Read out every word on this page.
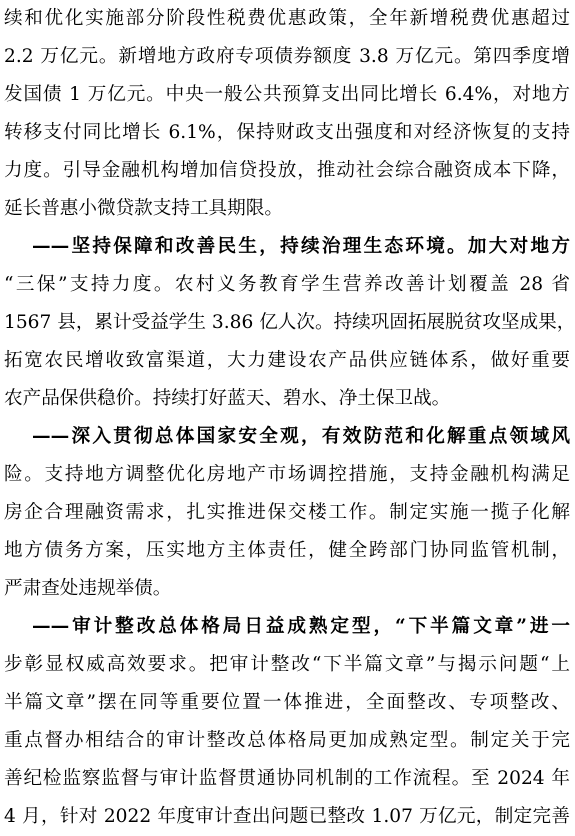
续和优化实施部分阶段性税费优惠政策，全年新增税费优惠超过
2.2 万亿元。新增地方政府专项债券额度 3.8 万亿元。第四季度增
发国债 1 万亿元。中央一般公共预算支出同比增长 6.4%，对地方
转移支付同比增长 6.1%，保持财政支出强度和对经济恢复的支持
力度。引导金融机构增加信贷投放，推动社会综合融资成本下降，
延长普惠小微贷款支持工具期限。
——坚持保障和改善民生，持续治理生态环境。加大对地方
“三保”支持力度。农村义务教育学生营养改善计划覆盖 28 省
1567 县，累计受益学生 3.86 亿人次。持续巩固拓展脱贫攻坚成果，
拓宽农民增收致富渠道，大力建设农产品供应链体系，做好重要
农产品保供稳价。持续打好蓝天、碧水、净土保卫战。
——深入贯彻总体国家安全观，有效防范和化解重点领域风
险。支持地方调整优化房地产市场调控措施，支持金融机构满足
房企合理融资需求，扎实推进保交楼工作。制定实施一揽子化解
地方债务方案，压实地方主体责任，健全跨部门协同监管机制，
严肃查处违规举债。
——审计整改总体格局日益成熟定型，“下半篇文章”进一
步彰显权威高效要求。把审计整改“下半篇文章”与揭示问题“上
半篇文章”摆在同等重要位置一体推进，全面整改、专项整改、
重点督办相结合的审计整改总体格局更加成熟定型。制定关于完
善纪检监察监督与审计监督贯通协同机制的工作流程。至 2024 年
4 月，针对 2022 年度审计查出问题已整改 1.07 万亿元，制定完善
